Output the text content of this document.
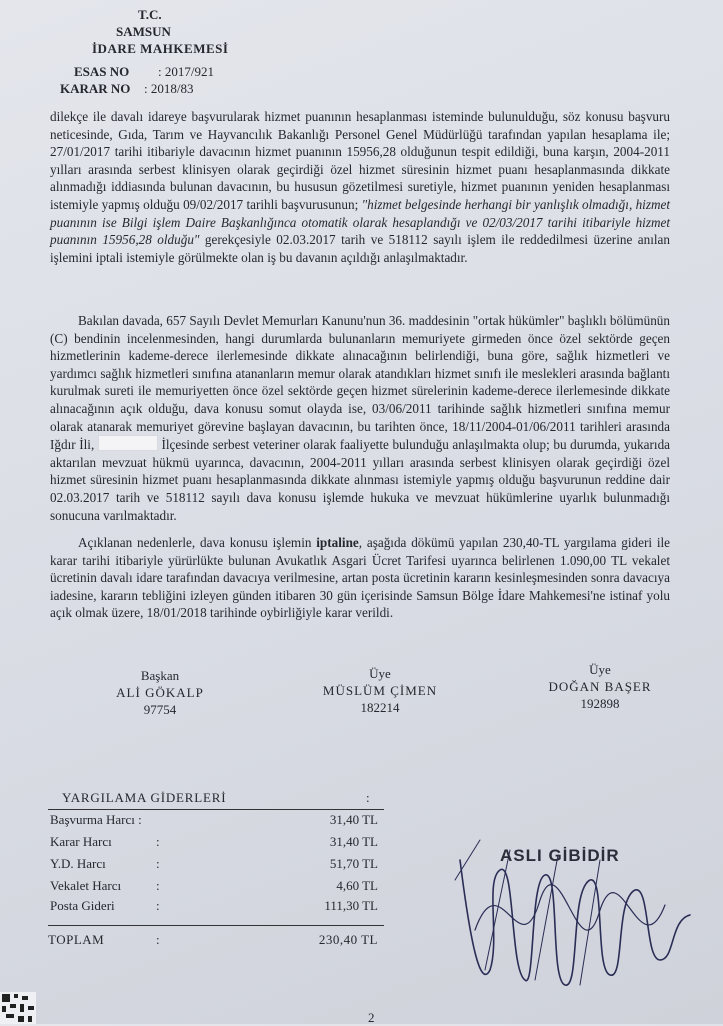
T.C.
SAMSUN
İDARE MAHKEMESİ
ESAS NO : 2017/921
KARAR NO : 2018/83
dilekçe ile davalı idareye başvurularak hizmet puanının hesaplanması isteminde bulunulduğu, söz konusu başvuru neticesinde, Gıda, Tarım ve Hayvancılık Bakanlığı Personel Genel Müdürlüğü tarafından yapılan hesaplama ile; 27/01/2017 tarihi itibariyle davacının hizmet puanının 15956,28 olduğunun tespit edildiği, buna karşın, 2004-2011 yılları arasında serbest klinisyen olarak geçirdiği özel hizmet süresinin hizmet puanı hesaplanmasında dikkate alınmadığı iddiasında bulunan davacının, bu hususun gözetilmesi suretiyle, hizmet puanının yeniden hesaplanması istemiyle yapmış olduğu 09/02/2017 tarihli başvurusunun; "hizmet belgesinde herhangi bir yanlışlık olmadığı, hizmet puanının ise Bilgi işlem Daire Başkanlığınca otomatik olarak hesaplandığı ve 02/03/2017 tarihi itibariyle hizmet puanının 15956,28 olduğu" gerekçesiyle 02.03.2017 tarih ve 518112 sayılı işlem ile reddedilmesi üzerine anılan işlemini iptali istemiyle görülmekte olan iş bu davanın açıldığı anlaşılmaktadır.
Bakılan davada, 657 Sayılı Devlet Memurları Kanunu'nun 36. maddesinin "ortak hükümler" başlıklı bölümünün (C) bendinin incelenmesinden, hangi durumlarda bulunanların memuriyete girmeden önce özel sektörde geçen hizmetlerinin kademe-derece ilerlemesinde dikkate alınacağının belirlendiği, buna göre, sağlık hizmetleri ve yardımcı sağlık hizmetleri sınıfına atananların memur olarak atandıkları hizmet sınıfı ile meslekleri arasında bağlantı kurulmak sureti ile memuriyetten önce özel sektörde geçen hizmet sürelerinin kademe-derece ilerlemesinde dikkate alınacağının açık olduğu, dava konusu somut olayda ise, 03/06/2011 tarihinde sağlık hizmetleri sınıfına memur olarak atanarak memuriyet görevine başlayan davacının, bu tarihten önce, 18/11/2004-01/06/2011 tarihleri arasında Iğdır İli,	İlçesinde serbest veteriner olarak faaliyette bulunduğu anlaşılmakta olup; bu durumda, yukarıda aktarılan mevzuat hükmü uyarınca, davacının, 2004-2011 yılları arasında serbest klinisyen olarak geçirdiği özel hizmet süresinin hizmet puanı hesaplanmasında dikkate alınması istemiyle yapmış olduğu başvurunun reddine dair 02.03.2017 tarih ve 518112 sayılı dava konusu işlemde hukuka ve mevzuat hükümlerine uyarlık bulunmadığı sonucuna varılmaktadır.
Açıklanan nedenlerle, dava konusu işlemin iptaline, aşağıda dökümü yapılan 230,40-TL yargılama gideri ile karar tarihi itibariyle yürürlükte bulunan Avukatlık Asgari Ücret Tarifesi uyarınca belirlenen 1.090,00 TL vekalet ücretinin davalı idare tarafından davacıya verilmesine, artan posta ücretinin kararın kesinleşmesinden sonra davacıya iadesine, kararın tebliğini izleyen günden itibaren 30 gün içerisinde Samsun Bölge İdare Mahkemesi'ne istinaf yolu açık olmak üzere, 18/01/2018 tarihinde oybirliğiyle karar verildi.
Başkan
ALİ GÖKALP
97754
Üye
MÜSLÜM ÇİMEN
182214
Üye
DOĞAN BAŞER
192898
YARGILAMA GİDERLERİ	:
Başvurma Harcı :	31,40 TL
Karar Harcı	:	31,40 TL
Y.D. Harcı	:	51,70 TL
Vekalet Harcı	:	4,60 TL
Posta Gideri	:	111,30 TL
TOPLAM	:	230,40 TL
ASLI GİBİDİR
2
